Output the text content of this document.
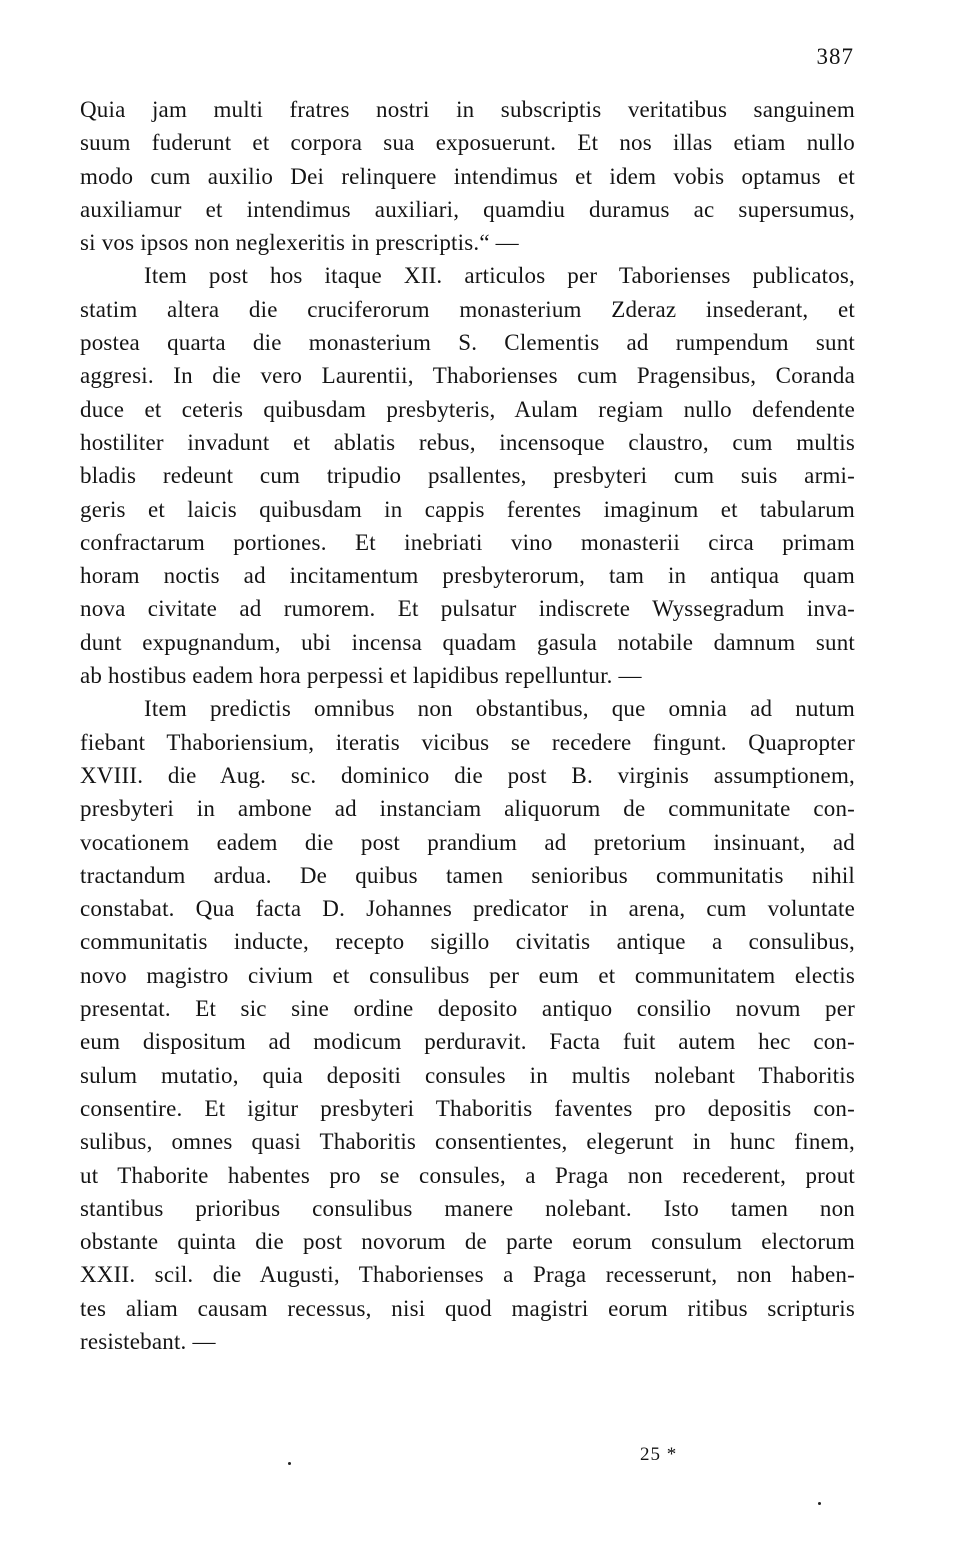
387
Quia jam multi fratres nostri in subscriptis veritatibus sanguinem
suum fuderunt et corpora sua exposuerunt. Et nos illas etiam nullo
modo cum auxilio Dei relinquere intendimus et idem vobis optamus et
auxiliamur et intendimus auxiliari, quamdiu duramus ac supersumus,
si vos ipsos non neglexeritis in prescriptis.“ —
Item post hos itaque XII. articulos per Taborienses publicatos,
statim altera die cruciferorum monasterium Zderaz insederant, et
postea quarta die monasterium S. Clementis ad rumpendum sunt
aggresi. In die vero Laurentii, Thaborienses cum Pragensibus, Coranda
duce et ceteris quibusdam presbyteris, Aulam regiam nullo defendente
hostiliter invadunt et ablatis rebus, incensoque claustro, cum multis
bladis redeunt cum tripudio psallentes, presbyteri cum suis armi-
geris et laicis quibusdam in cappis ferentes imaginum et tabularum
confractarum portiones. Et inebriati vino monasterii circa primam
horam noctis ad incitamentum presbyterorum, tam in antiqua quam
nova civitate ad rumorem. Et pulsatur indiscrete Wyssegradum inva-
dunt expugnandum, ubi incensa quadam gasula notabile damnum sunt
ab hostibus eadem hora perpessi et lapidibus repelluntur. —
Item predictis omnibus non obstantibus, que omnia ad nutum
fiebant Thaboriensium, iteratis vicibus se recedere fingunt. Quapropter
XVIII. die Aug. sc. dominico die post B. virginis assumptionem,
presbyteri in ambone ad instanciam aliquorum de communitate con-
vocationem eadem die post prandium ad pretorium insinuant, ad
tractandum ardua. De quibus tamen senioribus communitatis nihil
constabat. Qua facta D. Johannes predicator in arena, cum voluntate
communitatis inducte, recepto sigillo civitatis antique a consulibus,
novo magistro civium et consulibus per eum et communitatem electis
presentat. Et sic sine ordine deposito antiquo consilio novum per
eum dispositum ad modicum perduravit. Facta fuit autem hec con-
sulum mutatio, quia depositi consules in multis nolebant Thaboritis
consentire. Et igitur presbyteri Thaboritis faventes pro depositis con-
sulibus, omnes quasi Thaboritis consentientes, elegerunt in hunc finem,
ut Thaborite habentes pro se consules, a Praga non recederent, prout
stantibus prioribus consulibus manere nolebant. Isto tamen non
obstante quinta die post novorum de parte eorum consulum electorum
XXII. scil. die Augusti, Thaborienses a Praga recesserunt, non haben-
tes aliam causam recessus, nisi quod magistri eorum ritibus scripturis
resistebant. —
25 *
